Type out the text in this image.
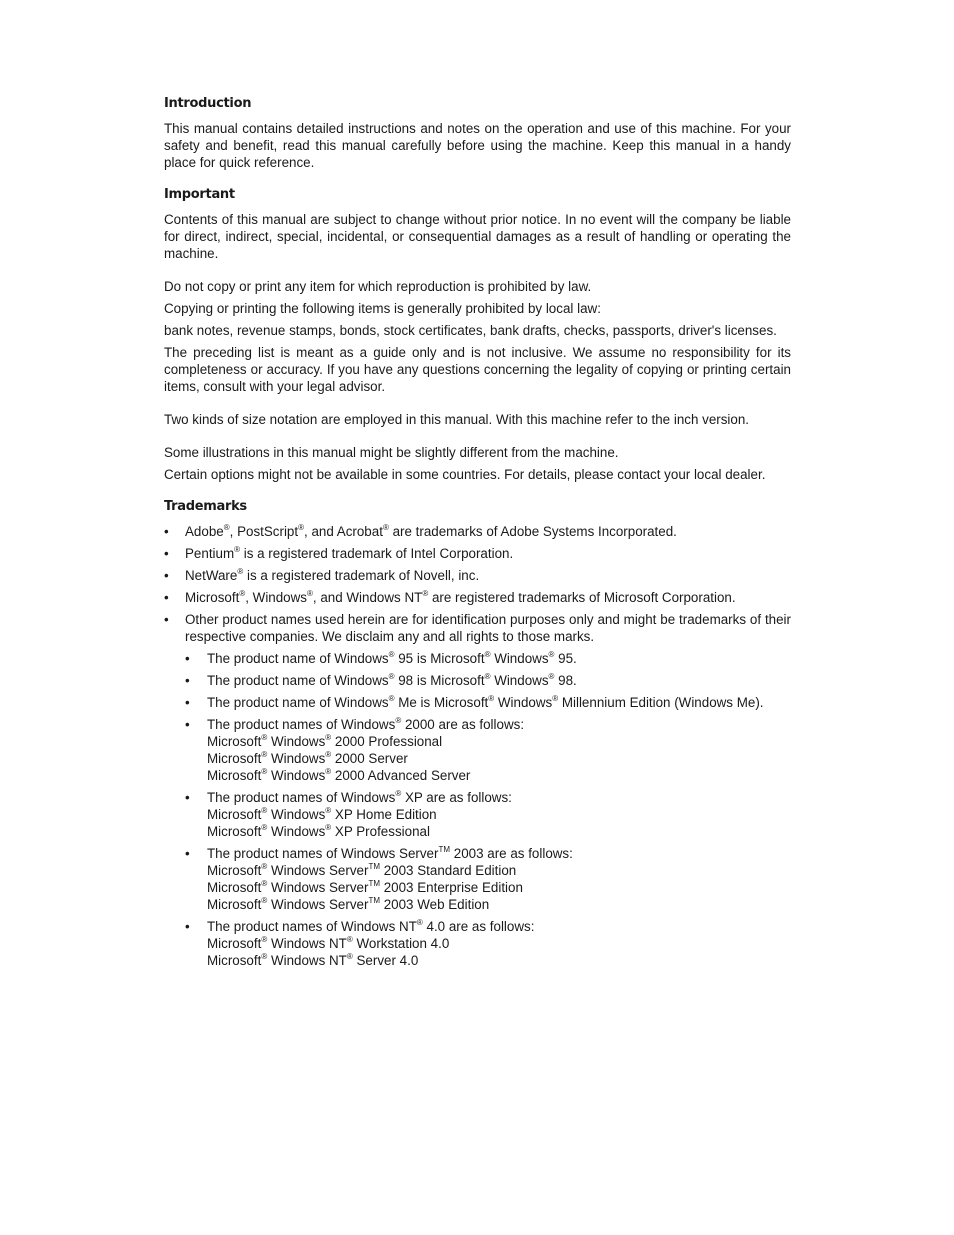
Introduction

This manual contains detailed instructions and notes on the operation and use of this machine. For your safety and benefit, read this manual carefully before using the machine. Keep this manual in a handy place for quick reference.

Important

Contents of this manual are subject to change without prior notice. In no event will the company be liable for direct, indirect, special, incidental, or consequential damages as a result of handling or operating the machine.

Do not copy or print any item for which reproduction is prohibited by law.

Copying or printing the following items is generally prohibited by local law:

bank notes, revenue stamps, bonds, stock certificates, bank drafts, checks, passports, driver's licenses.

The preceding list is meant as a guide only and is not inclusive. We assume no responsibility for its completeness or accuracy. If you have any questions concerning the legality of copying or printing certain items, consult with your legal advisor.

Two kinds of size notation are employed in this manual. With this machine refer to the inch version.

Some illustrations in this manual might be slightly different from the machine.

Certain options might not be available in some countries. For details, please contact your local dealer.

Trademarks
• Adobe®, PostScript®, and Acrobat® are trademarks of Adobe Systems Incorporated.
• Pentium® is a registered trademark of Intel Corporation.
• NetWare® is a registered trademark of Novell, inc.
• Microsoft®, Windows®, and Windows NT® are registered trademarks of Microsoft Corporation.
• Other product names used herein are for identification purposes only and might be trademarks of their respective companies. We disclaim any and all rights to those marks.
• The product name of Windows® 95 is Microsoft® Windows® 95.
• The product name of Windows® 98 is Microsoft® Windows® 98.
• The product name of Windows® Me is Microsoft® Windows® Millennium Edition (Windows Me).
• The product names of Windows® 2000 are as follows:
Microsoft® Windows® 2000 Professional
Microsoft® Windows® 2000 Server
Microsoft® Windows® 2000 Advanced Server
• The product names of Windows® XP are as follows:
Microsoft® Windows® XP Home Edition
Microsoft® Windows® XP Professional
• The product names of Windows Server™ 2003 are as follows:
Microsoft® Windows Server™ 2003 Standard Edition
Microsoft® Windows Server™ 2003 Enterprise Edition
Microsoft® Windows Server™ 2003 Web Edition
• The product names of Windows NT® 4.0 are as follows:
Microsoft® Windows NT® Workstation 4.0
Microsoft® Windows NT® Server 4.0
